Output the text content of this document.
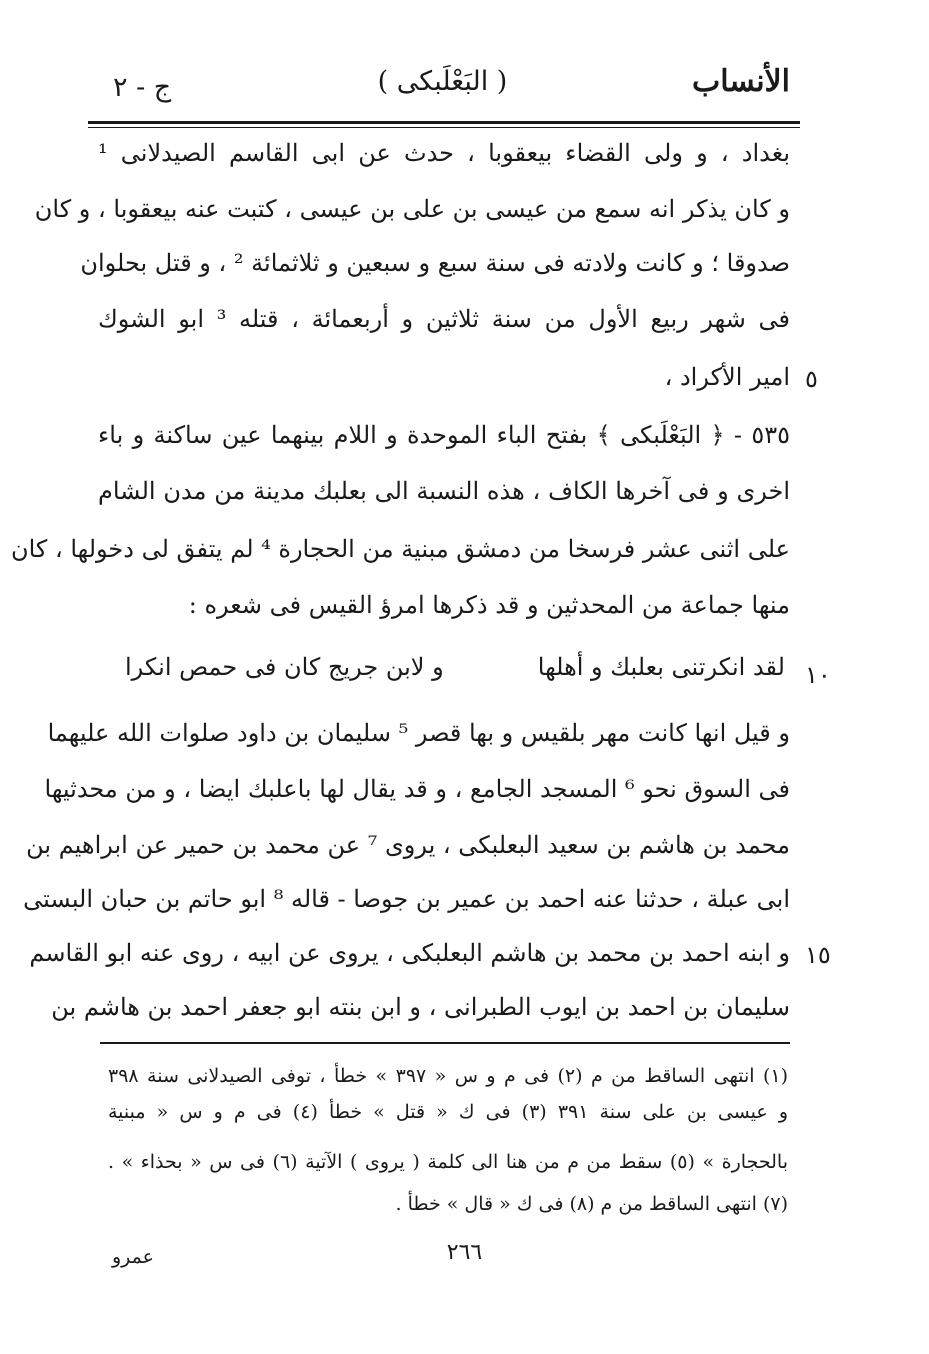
الأنساب
( البَعْلَبكى )
ج - ٢
بغداد ، و ولى القضاء بيعقوبا ، حدث عن ابى القاسم الصيدلانى ¹
و كان يذكر انه سمع من عيسى بن على بن عيسى ، كتبت عنه بيعقوبا ، و كان
صدوقا ؛ و كانت ولادته فى سنة سبع و سبعين و ثلاثمائة ² ، و قتل بحلوان
فى شهر ربيع الأول من سنة ثلاثين و أربعمائة ، قتله ³ ابو الشوك
امير الأكراد ،
٥٣٥ - ﴿ البَعْلَبكى ﴾ بفتح الباء الموحدة و اللام بينهما عين ساكنة و باء
اخرى و فى آخرها الكاف ، هذه النسبة الى بعلبك مدينة من مدن الشام
على اثنى عشر فرسخا من دمشق مبنية من الحجارة ⁴ لم يتفق لى دخولها ، كان
منها جماعة من المحدثين و قد ذكرها امرؤ القيس فى شعره :
لقد انكرتنى بعلبك و أهلها
و لابن جريج كان فى حمص انكرا
و قيل انها كانت مهر بلقيس و بها قصر ⁵ سليمان بن داود صلوات الله عليهما
فى السوق نحو ⁶ المسجد الجامع ، و قد يقال لها باعلبك ايضا ، و من محدثيها
محمد بن هاشم بن سعيد البعلبكى ، يروى ⁷ عن محمد بن حمير عن ابراهيم بن
ابى عبلة ، حدثنا عنه احمد بن عمير بن جوصا - قاله ⁸ ابو حاتم بن حبان البستى
و ابنه احمد بن محمد بن هاشم البعلبكى ، يروى عن ابيه ، روى عنه ابو القاسم
سليمان بن احمد بن ايوب الطبرانى ، و ابن بنته ابو جعفر احمد بن هاشم بن
٥
١٠
١٥
(١) انتهى الساقط من م (٢) فى م و س « ٣٩٧ » خطأ ، توفى الصيدلانى سنة ٣٩٨
و عيسى بن على سنة ٣٩١ (٣) فى ك « قتل » خطأ (٤) فى م و س « مبنية
بالحجارة » (٥) سقط من م من هنا الى كلمة ( يروى ) الآتية (٦) فى س « بحذاء » .
(٧) انتهى الساقط من م (٨) فى ك « قال » خطأ .
٢٦٦
عمرو
